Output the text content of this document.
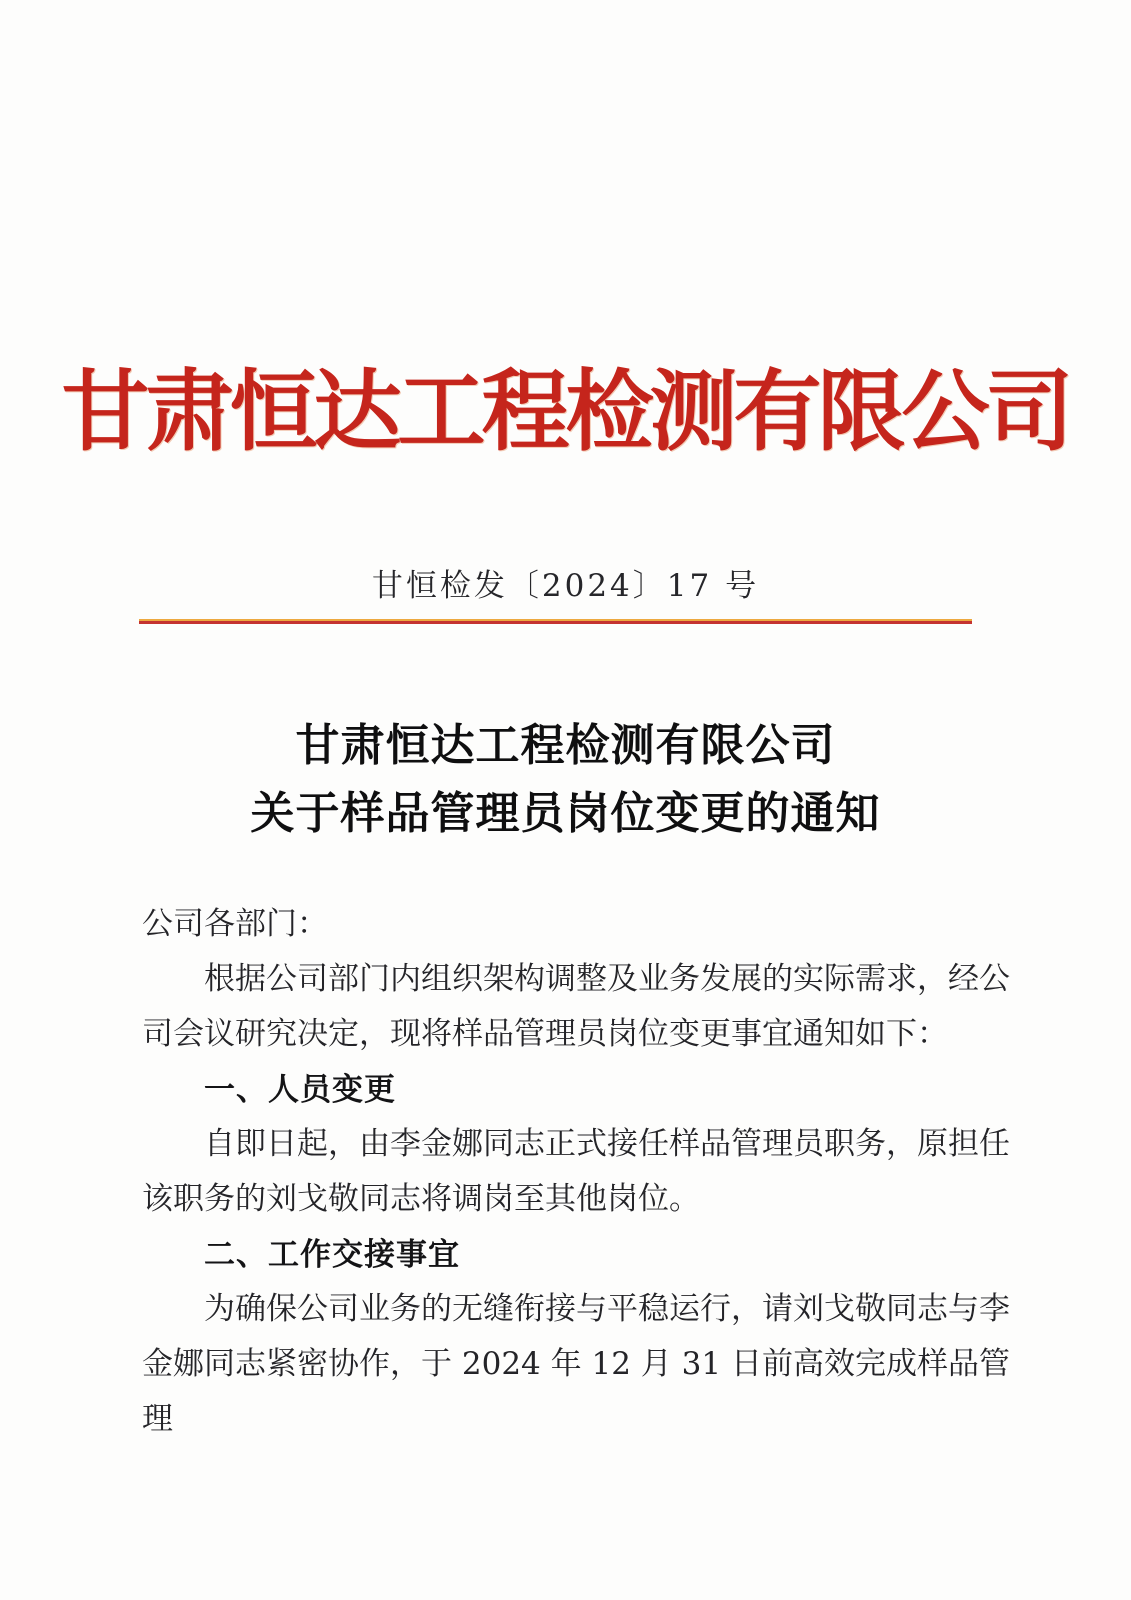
甘肃恒达工程检测有限公司
甘恒检发〔2024〕17 号
甘肃恒达工程检测有限公司
关于样品管理员岗位变更的通知

公司各部门：

根据公司部门内组织架构调整及业务发展的实际需求，经公司会议研究决定，现将样品管理员岗位变更事宜通知如下：

一、人员变更

自即日起，由李金娜同志正式接任样品管理员职务，原担任该职务的刘戈敬同志将调岗至其他岗位。

二、工作交接事宜

为确保公司业务的无缝衔接与平稳运行，请刘戈敬同志与李金娜同志紧密协作，于 2024 年 12 月 31 日前高效完成样品管理
